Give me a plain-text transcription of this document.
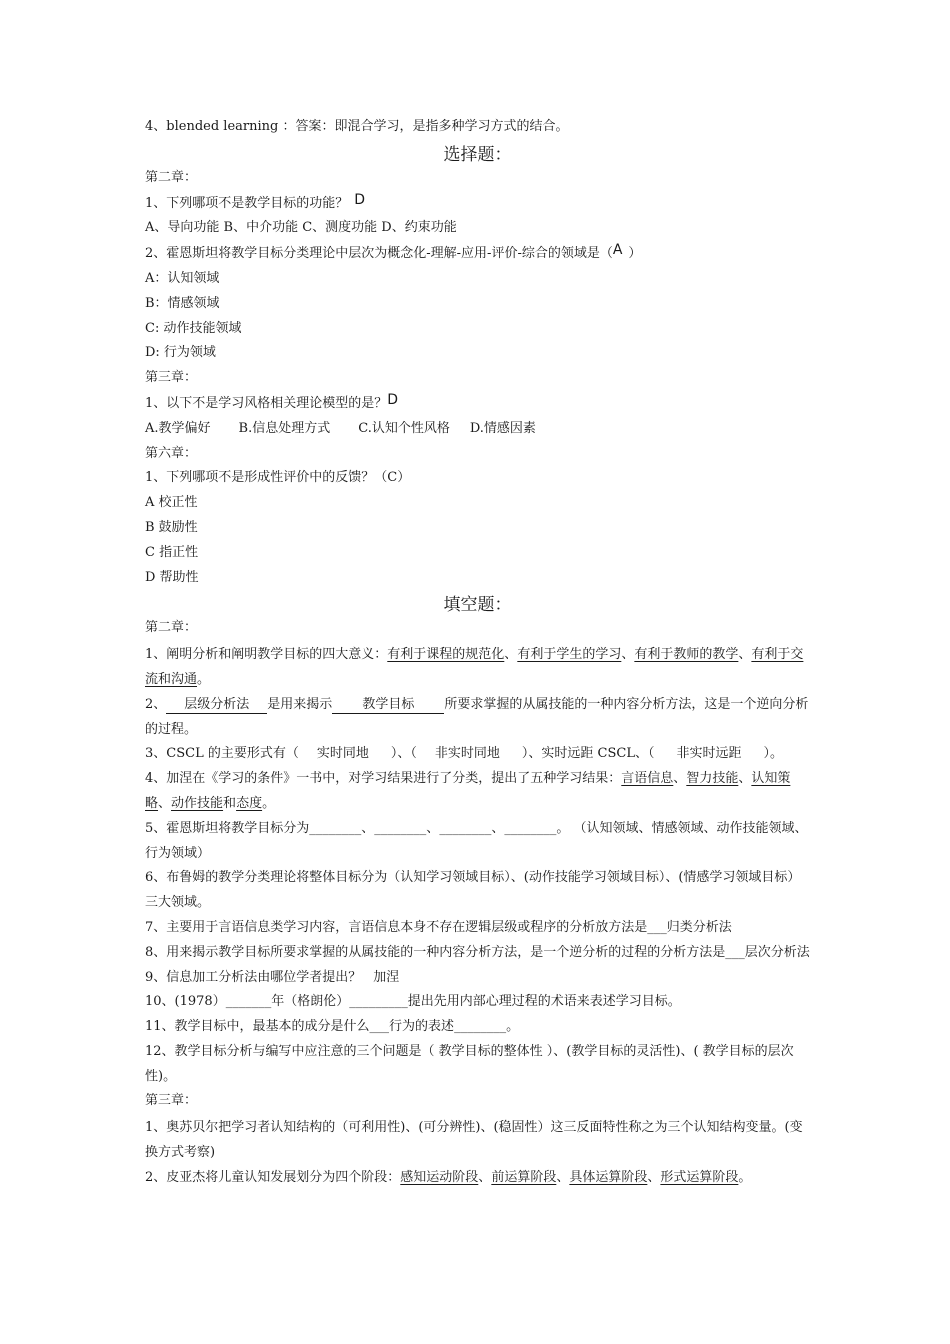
4、blended learning ：答案：即混合学习，是指多种学习方式的结合。
选择题：
第二章：
1、下列哪项不是教学目标的功能？ D
A、导向功能 B、中介功能 C、测度功能 D、约束功能
2、霍恩斯坦将教学目标分类理论中层次为概念化-理解-应用-评价-综合的领域是（A ）
A：认知领域
B：情感领域
C: 动作技能领域
D: 行为领域
第三章：
1、以下不是学习风格相关理论模型的是？D
A.教学偏好 B.信息处理方式 C.认知个性风格 D.情感因素
第六章：
1、下列哪项不是形成性评价中的反馈？（C）
A 校正性
B 鼓励性
C 指正性
D 帮助性
填空题：
第二章：
1、阐明分析和阐明教学目标的四大意义：有利于课程的规范化、有利于学生的学习、有利于教师的教学、有利于交流和沟通。
2、 层级分析法 是用来揭示 教学目标 所要求掌握的从属技能的一种内容分析方法，这是一个逆向分析的过程。
3、CSCL 的主要形式有（ 实时同地 ）、（ 非实时同地 ）、实时远距 CSCL、（ 非实时远距 ）。
4、加涅在《学习的条件》一书中，对学习结果进行了分类，提出了五种学习结果：言语信息、智力技能、认知策略、动作技能和态度。
5、霍恩斯坦将教学目标分为________、________、________、________。 （认知领域、情感领域、动作技能领域、行为领域）
6、布鲁姆的教学分类理论将整体目标分为（认知学习领域目标）、(动作技能学习领域目标）、(情感学习领域目标）三大领域。
7、主要用于言语信息类学习内容，言语信息本身不存在逻辑层级或程序的分析放方法是___归类分析法
8、用来揭示教学目标所要求掌握的从属技能的一种内容分析方法，是一个逆分析的过程的分析方法是___层次分析法
9、信息加工分析法由哪位学者提出？ 加涅
10、(1978）_______年（格朗伦）_________提出先用内部心理过程的术语来表述学习目标。
11、教学目标中，最基本的成分是什么___行为的表述________。
12、教学目标分析与编写中应注意的三个问题是（ 教学目标的整体性 ）、(教学目标的灵活性)、( 教学目标的层次性)。
第三章：
1、奥苏贝尔把学习者认知结构的（可利用性)、(可分辨性)、(稳固性）这三反面特性称之为三个认知结构变量。(变换方式考察)
2、皮亚杰将儿童认知发展划分为四个阶段：感知运动阶段、前运算阶段、具体运算阶段、形式运算阶段。
